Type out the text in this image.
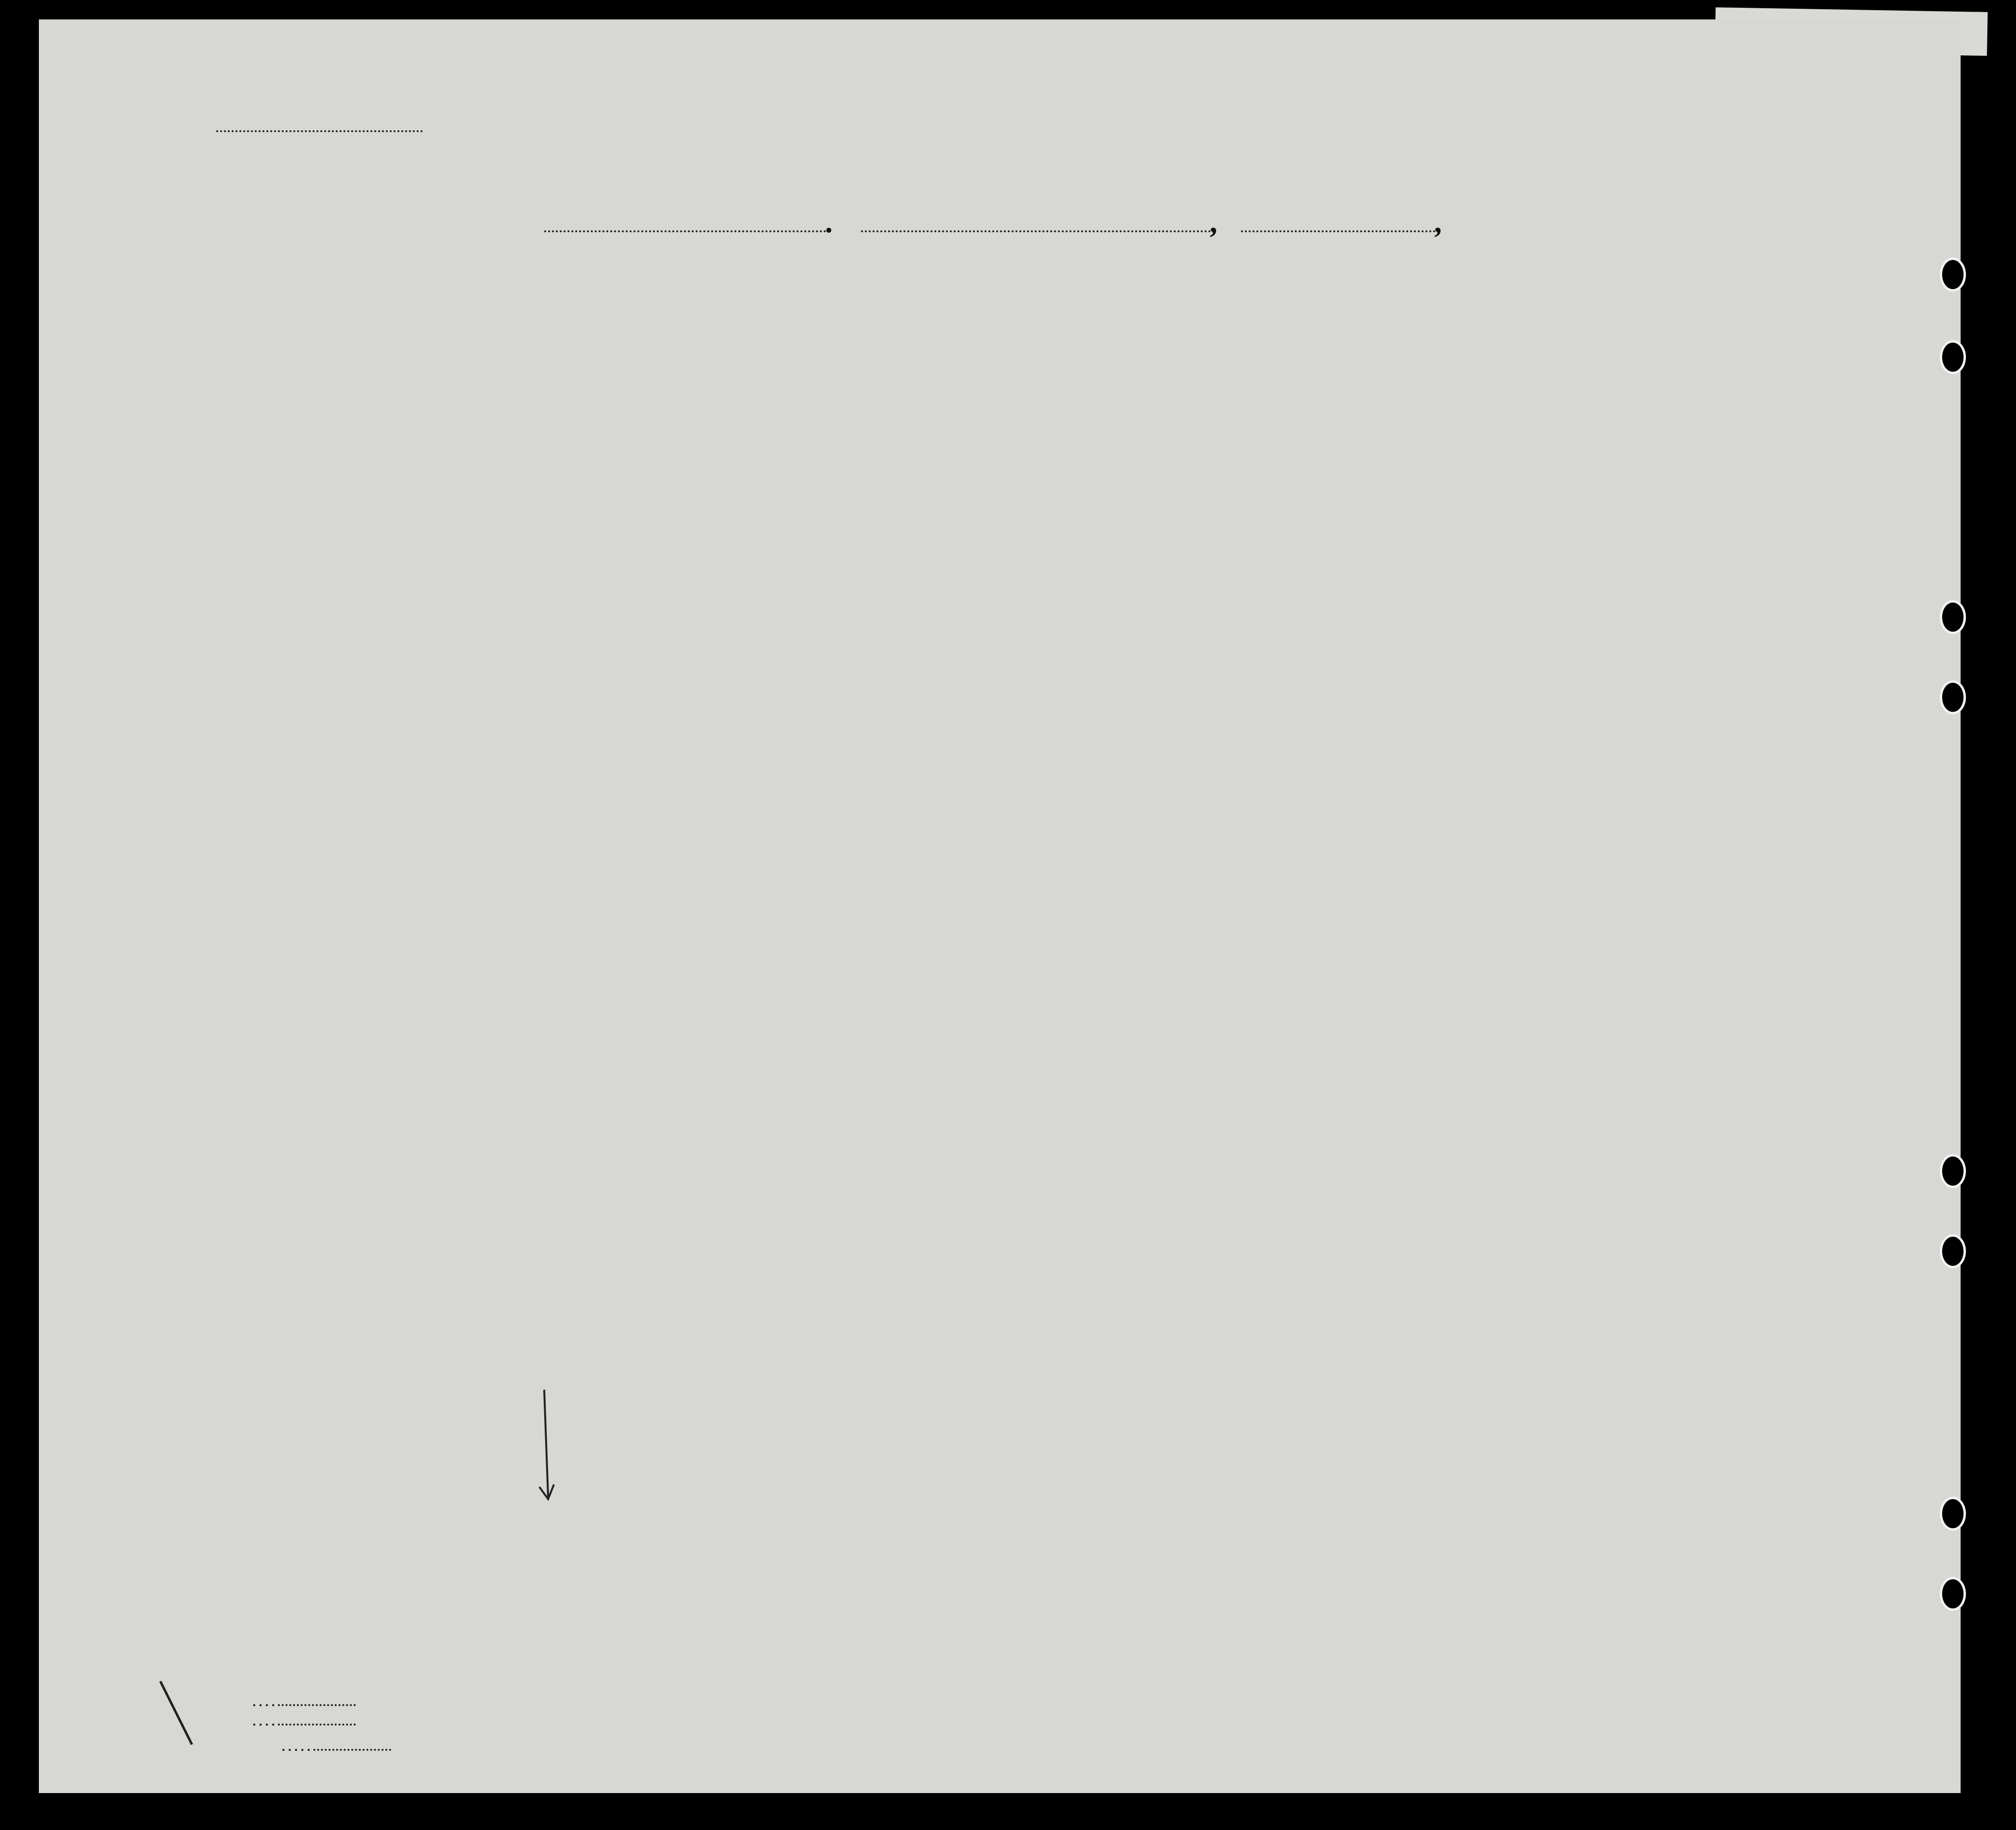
.	,	,
. . . .
. . . .
. . . . .
